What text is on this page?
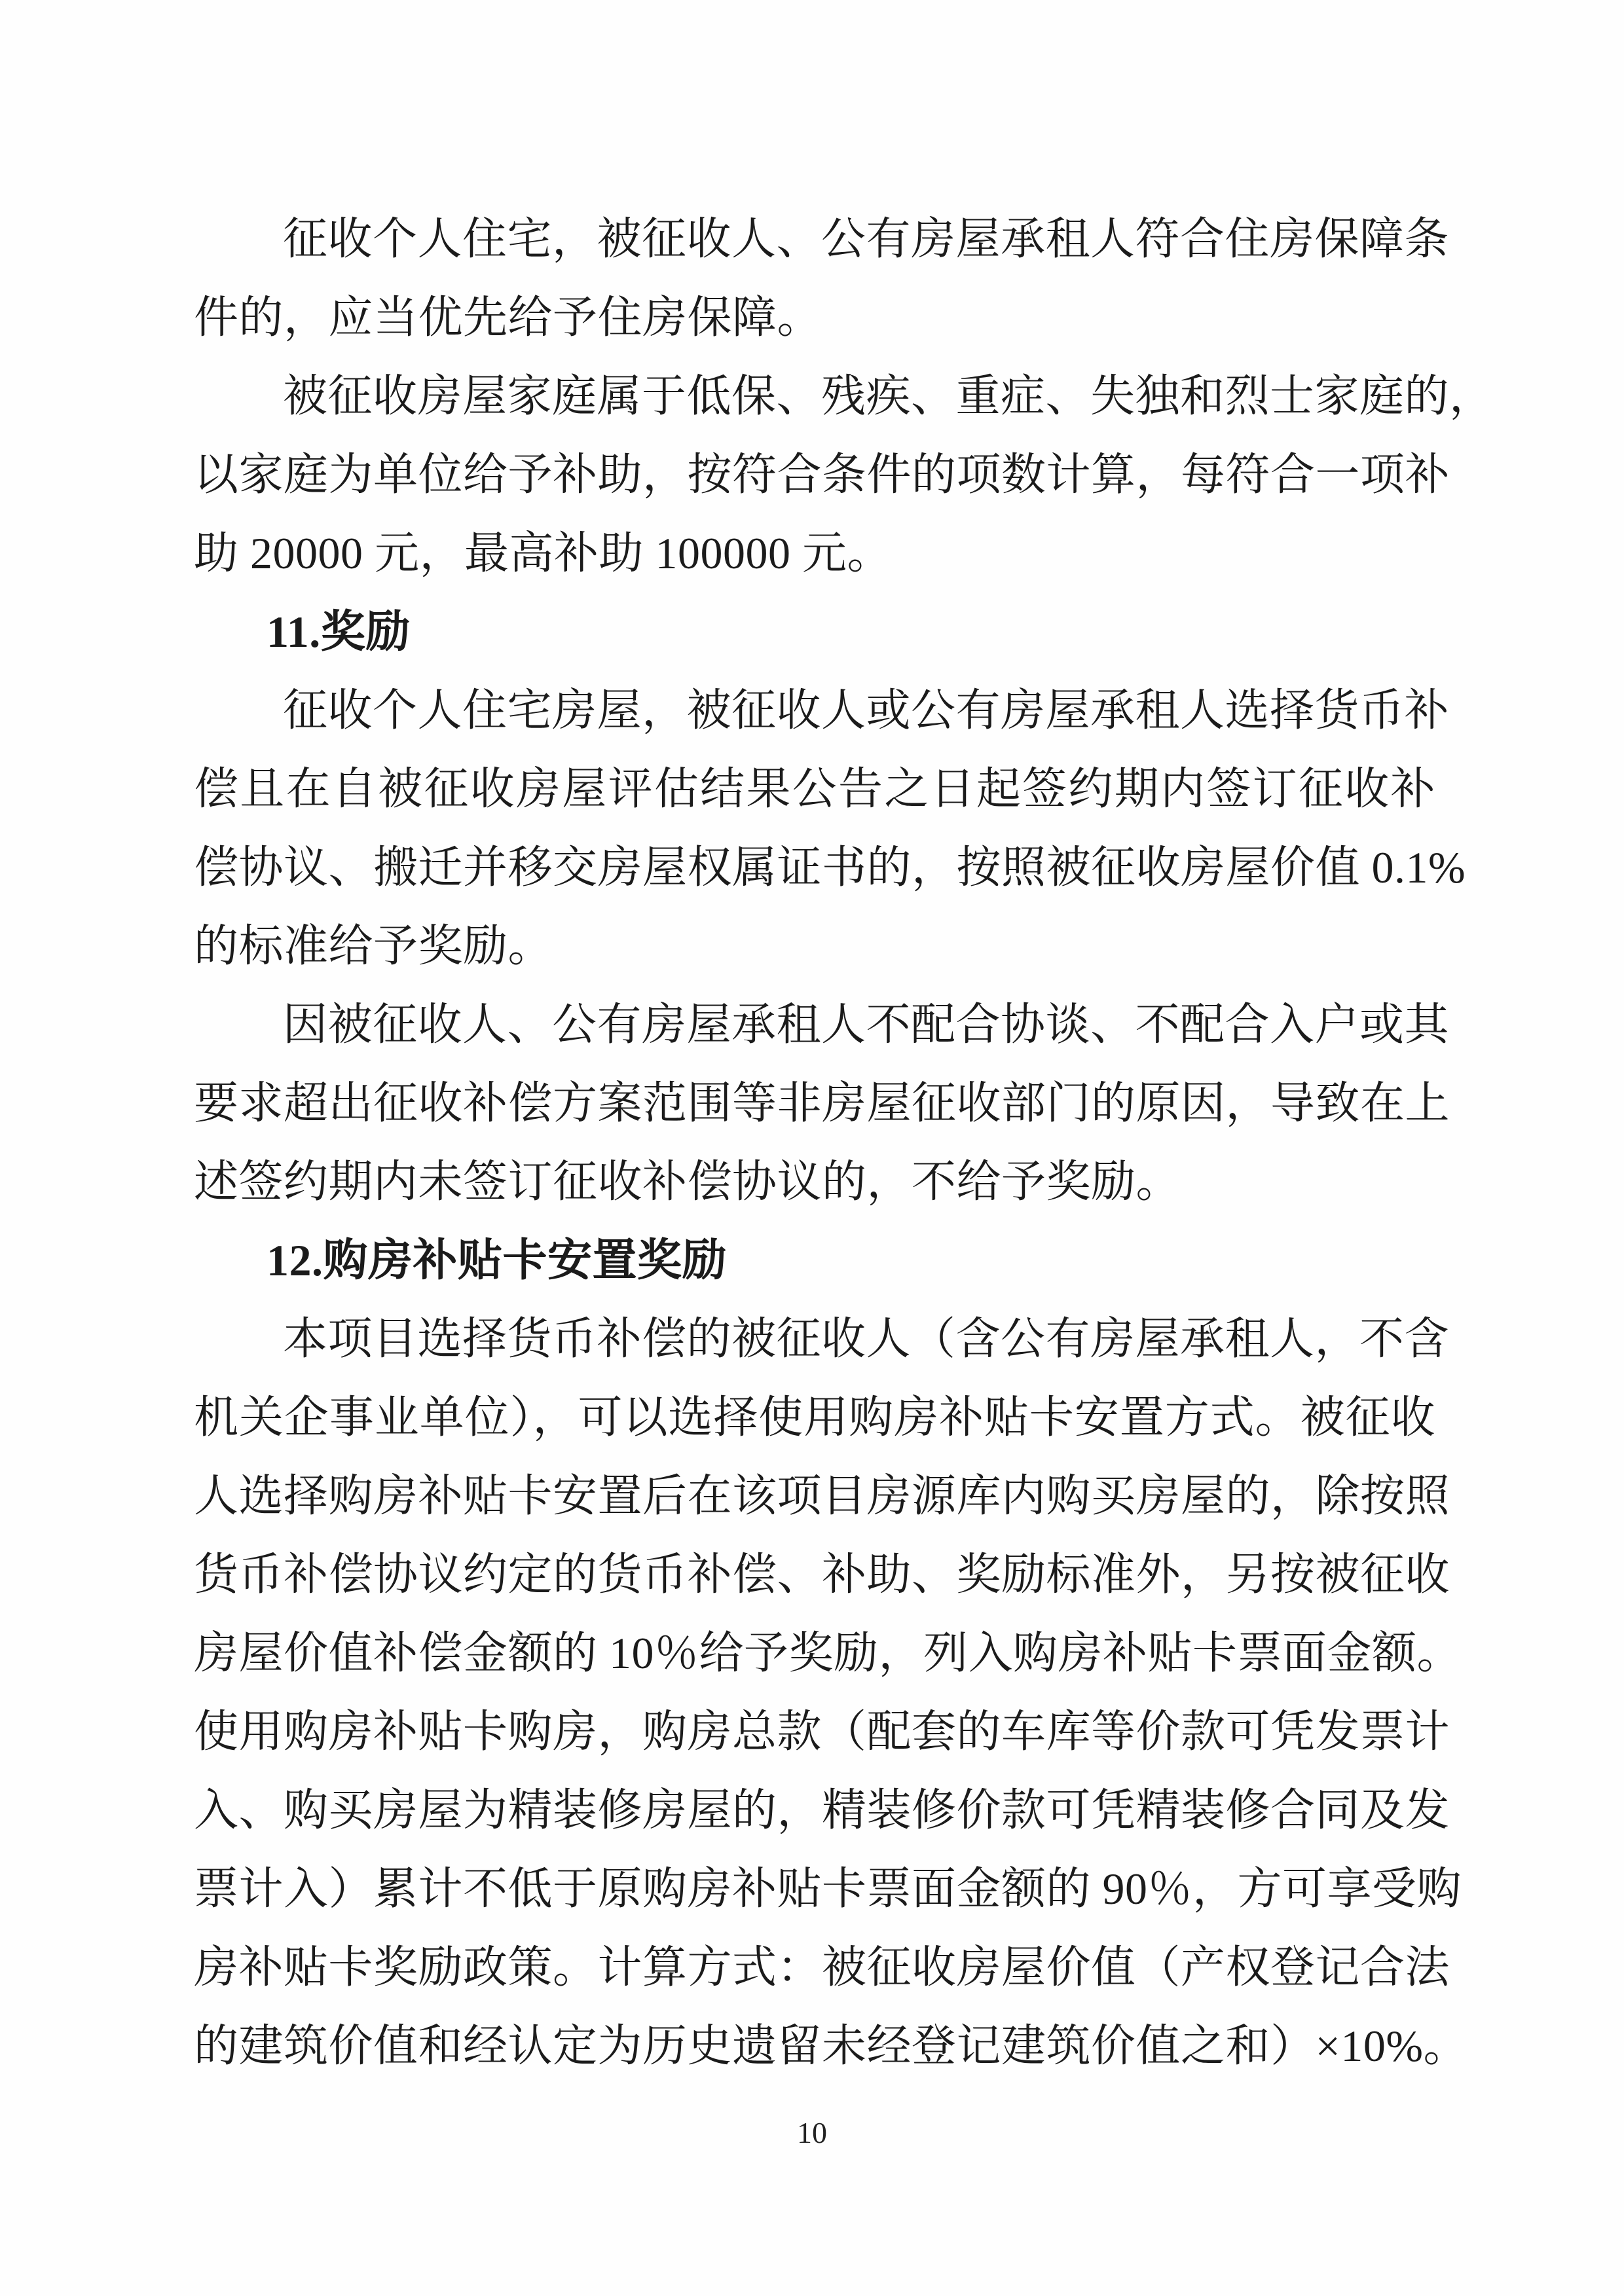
征收个人住宅，被征收人、公有房屋承租人符合住房保障条
件的，应当优先给予住房保障。
被征收房屋家庭属于低保、残疾、重症、失独和烈士家庭的，
以家庭为单位给予补助，按符合条件的项数计算，每符合一项补
助 20000 元，最高补助 100000 元。
11.奖励
征收个人住宅房屋，被征收人或公有房屋承租人选择货币补
偿且在自被征收房屋评估结果公告之日起签约期内签订征收补
偿协议、搬迁并移交房屋权属证书的，按照被征收房屋价值 0.1%
的标准给予奖励。
因被征收人、公有房屋承租人不配合协谈、不配合入户或其
要求超出征收补偿方案范围等非房屋征收部门的原因，导致在上
述签约期内未签订征收补偿协议的，不给予奖励。
12.购房补贴卡安置奖励
本项目选择货币补偿的被征收人（含公有房屋承租人，不含
机关企事业单位），可以选择使用购房补贴卡安置方式。被征收
人选择购房补贴卡安置后在该项目房源库内购买房屋的，除按照
货币补偿协议约定的货币补偿、补助、奖励标准外，另按被征收
房屋价值补偿金额的 10％给予奖励，列入购房补贴卡票面金额。
使用购房补贴卡购房，购房总款（配套的车库等价款可凭发票计
入、购买房屋为精装修房屋的，精装修价款可凭精装修合同及发
票计入）累计不低于原购房补贴卡票面金额的 90％，方可享受购
房补贴卡奖励政策。计算方式：被征收房屋价值（产权登记合法
的建筑价值和经认定为历史遗留未经登记建筑价值之和）×10%。
10
